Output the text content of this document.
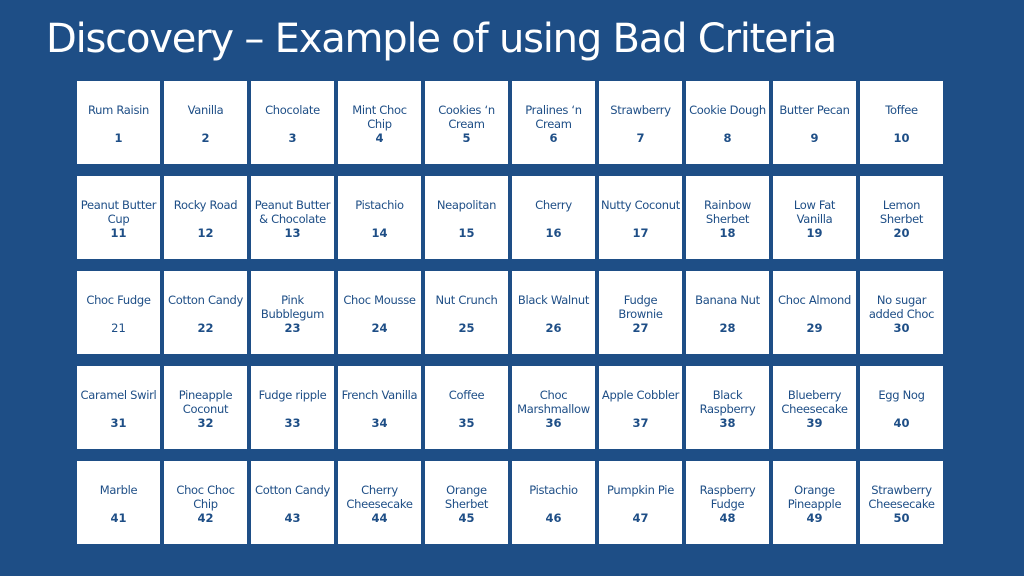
Discovery – Example of using Bad Criteria
Rum Raisin
1
Vanilla
2
Chocolate
3
Mint Choc Chip
4
Cookies ‘n Cream
5
Pralines ‘n Cream
6
Strawberry
7
Cookie Dough
8
Butter Pecan
9
Toffee
10
Peanut Butter Cup
11
Rocky Road
12
Peanut Butter & Chocolate
13
Pistachio
14
Neapolitan
15
Cherry
16
Nutty Coconut
17
Rainbow Sherbet
18
Low Fat Vanilla
19
Lemon Sherbet
20
Choc Fudge
21
Cotton Candy
22
Pink Bubblegum
23
Choc Mousse
24
Nut Crunch
25
Black Walnut
26
Fudge Brownie
27
Banana Nut
28
Choc Almond
29
No sugar added Choc
30
Caramel Swirl
31
Pineapple Coconut
32
Fudge ripple
33
French Vanilla
34
Coffee
35
Choc Marshmallow
36
Apple Cobbler
37
Black Raspberry
38
Blueberry Cheesecake
39
Egg Nog
40
Marble
41
Choc Choc Chip
42
Cotton Candy
43
Cherry Cheesecake
44
Orange Sherbet
45
Pistachio
46
Pumpkin Pie
47
Raspberry Fudge
48
Orange Pineapple
49
Strawberry Cheesecake
50
